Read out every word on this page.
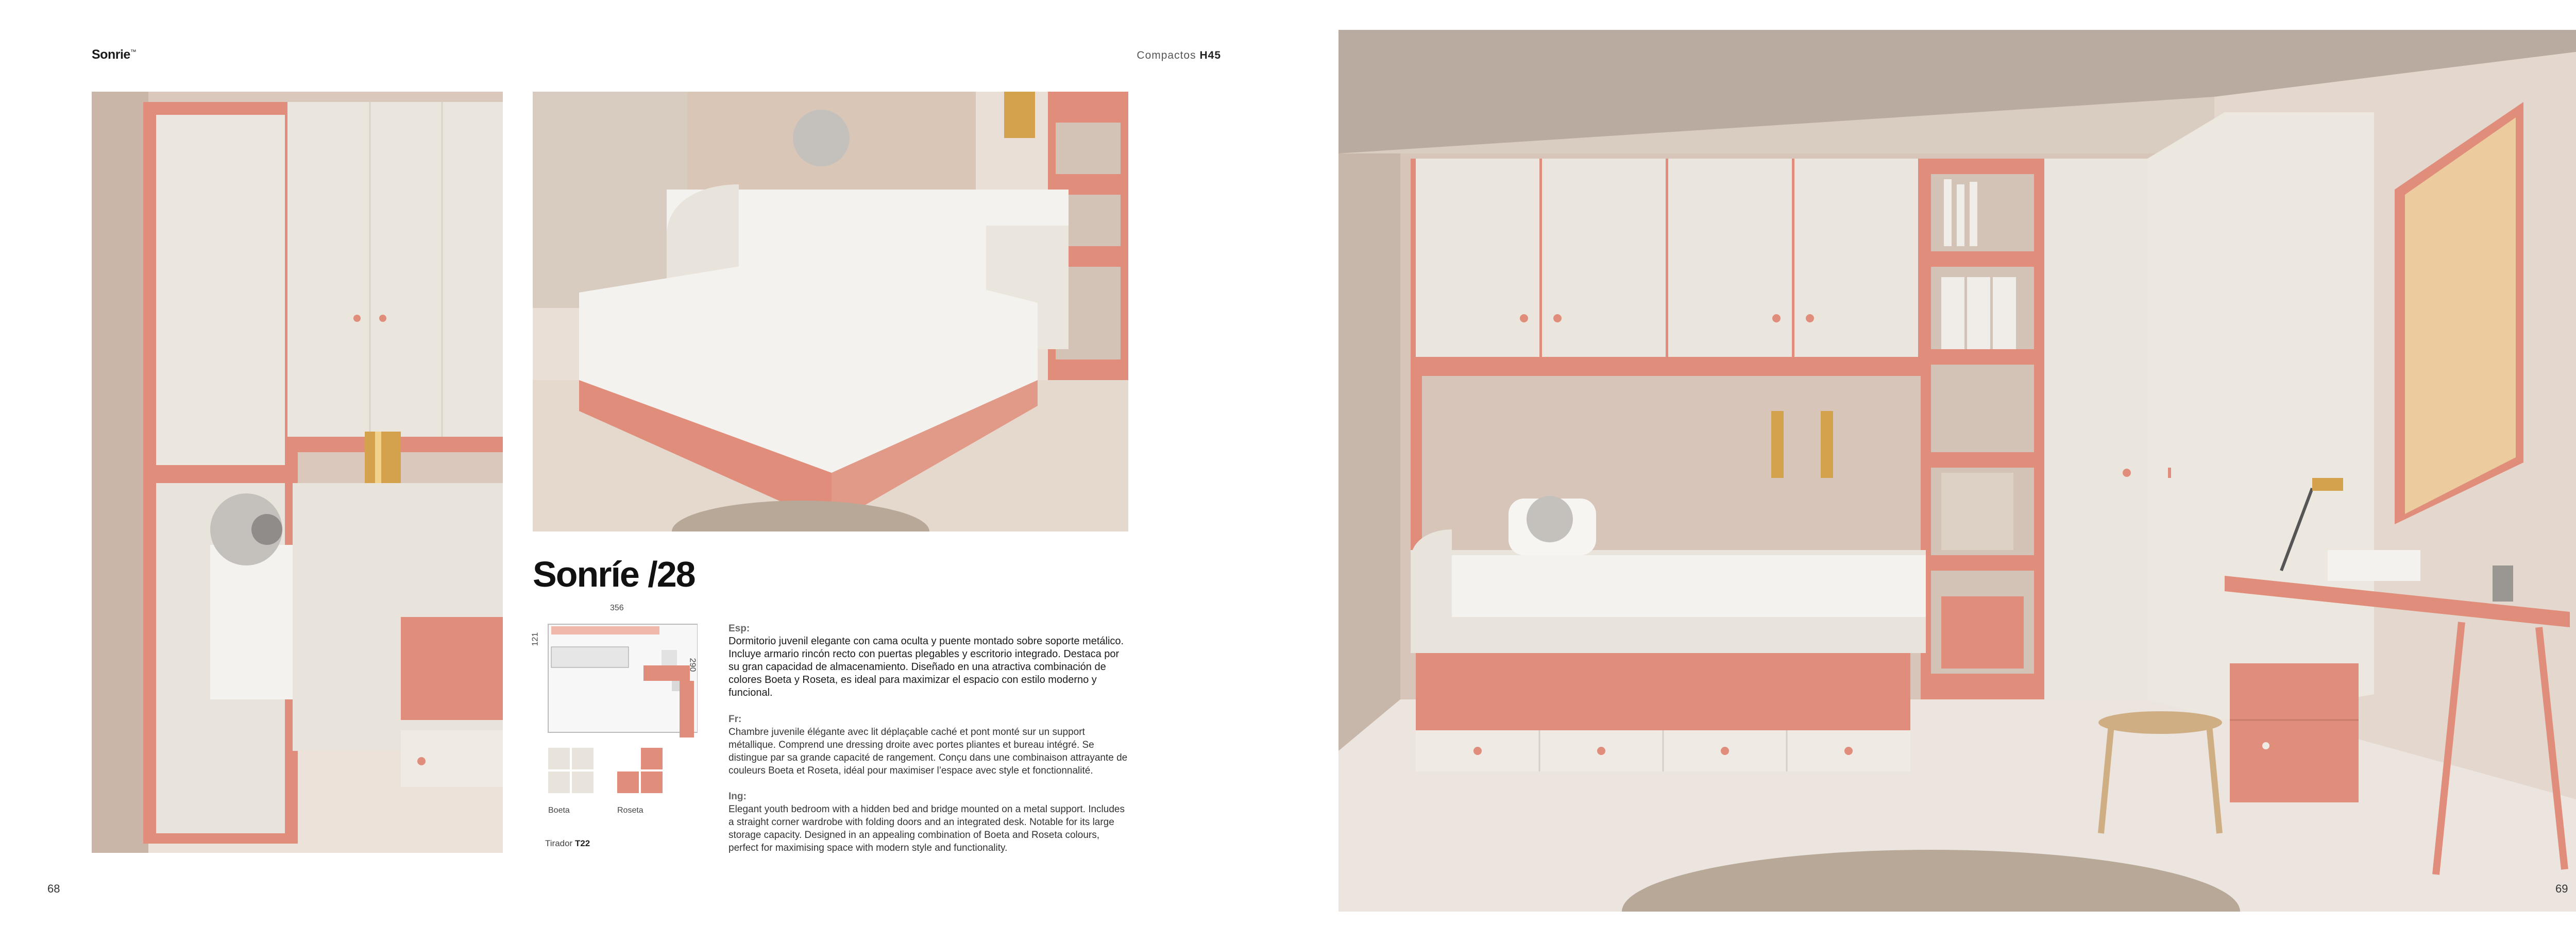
Sonrie™	Compactos H45
Sonríe /28
356
290
121
Boeta	Roseta
Tirador T22
Esp:

Dormitorio juvenil elegante con cama oculta y puente montado sobre soporte metálico. Incluye armario rincón recto con puertas plegables y escritorio integrado. Destaca por su gran capacidad de almacenamiento. Diseñado en una atractiva combinación de colores Boeta y Roseta, es ideal para maximizar el espacio con estilo moderno y funcional.

Fr:

Chambre juvenile élégante avec lit déplaçable caché et pont monté sur un support métallique. Comprend une dressing droite avec portes pliantes et bureau intégré. Se distingue par sa grande capacité de rangement. Conçu dans une combinaison attrayante de couleurs Boeta et Roseta, idéal pour maximiser l’espace avec style et fonctionnalité.

Ing:

Elegant youth bedroom with a hidden bed and bridge mounted on a metal support. Includes a straight corner wardrobe with folding doors and an integrated desk. Notable for its large storage capacity. Designed in an appealing combination of Boeta and Roseta colours, perfect for maximising space with modern style and functionality.

68	69
